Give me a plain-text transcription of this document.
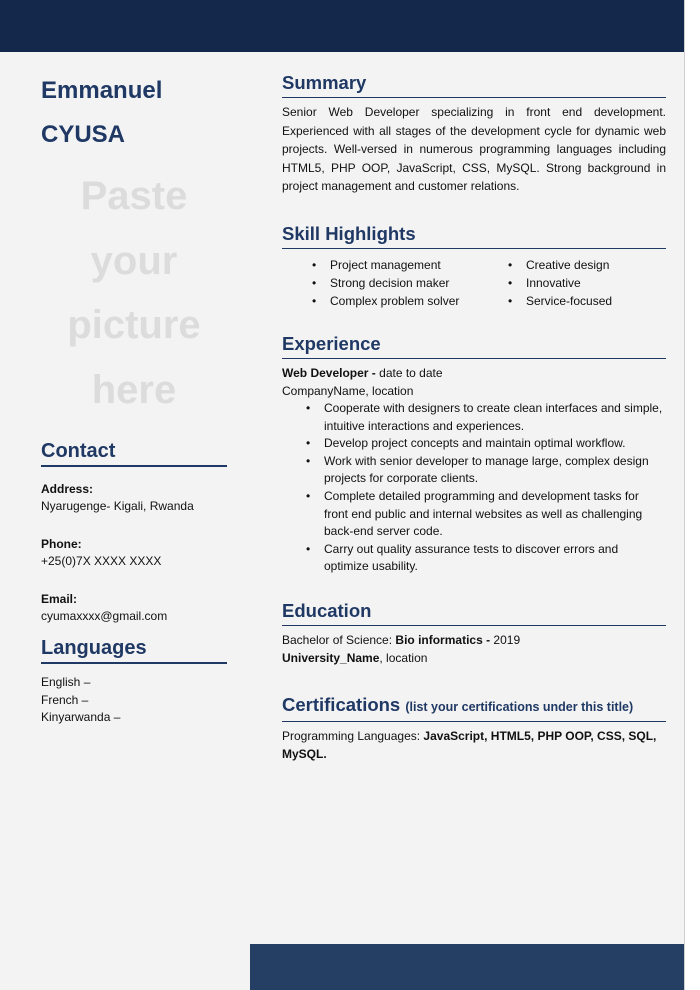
Emmanuel
CYUSA
Paste
your
picture
here
Contact
Address:
Nyarugenge- Kigali, Rwanda
Phone:
+25(0)7X XXXX XXXX
Email:
cyumaxxxx@gmail.com
Languages
English –
French –
Kinyarwanda –
Summary
Senior Web Developer specializing in front end development. Experienced with all stages of the development cycle for dynamic web projects. Well-versed in numerous programming languages including HTML5, PHP OOP, JavaScript, CSS, MySQL. Strong background in project management and customer relations.
Skill Highlights
• Project management	• Creative design
• Strong decision maker	• Innovative
• Complex problem solver	• Service-focused
Experience
Web Developer - date to date
CompanyName, location
• Cooperate with designers to create clean interfaces and simple, intuitive interactions and experiences.
• Develop project concepts and maintain optimal workflow.
• Work with senior developer to manage large, complex design projects for corporate clients.
• Complete detailed programming and development tasks for front end public and internal websites as well as challenging back-end server code.
• Carry out quality assurance tests to discover errors and optimize usability.
Education
Bachelor of Science: Bio informatics - 2019
University_Name, location
Certifications (list your certifications under this title)
Programming Languages: JavaScript, HTML5, PHP OOP, CSS, SQL, MySQL.
